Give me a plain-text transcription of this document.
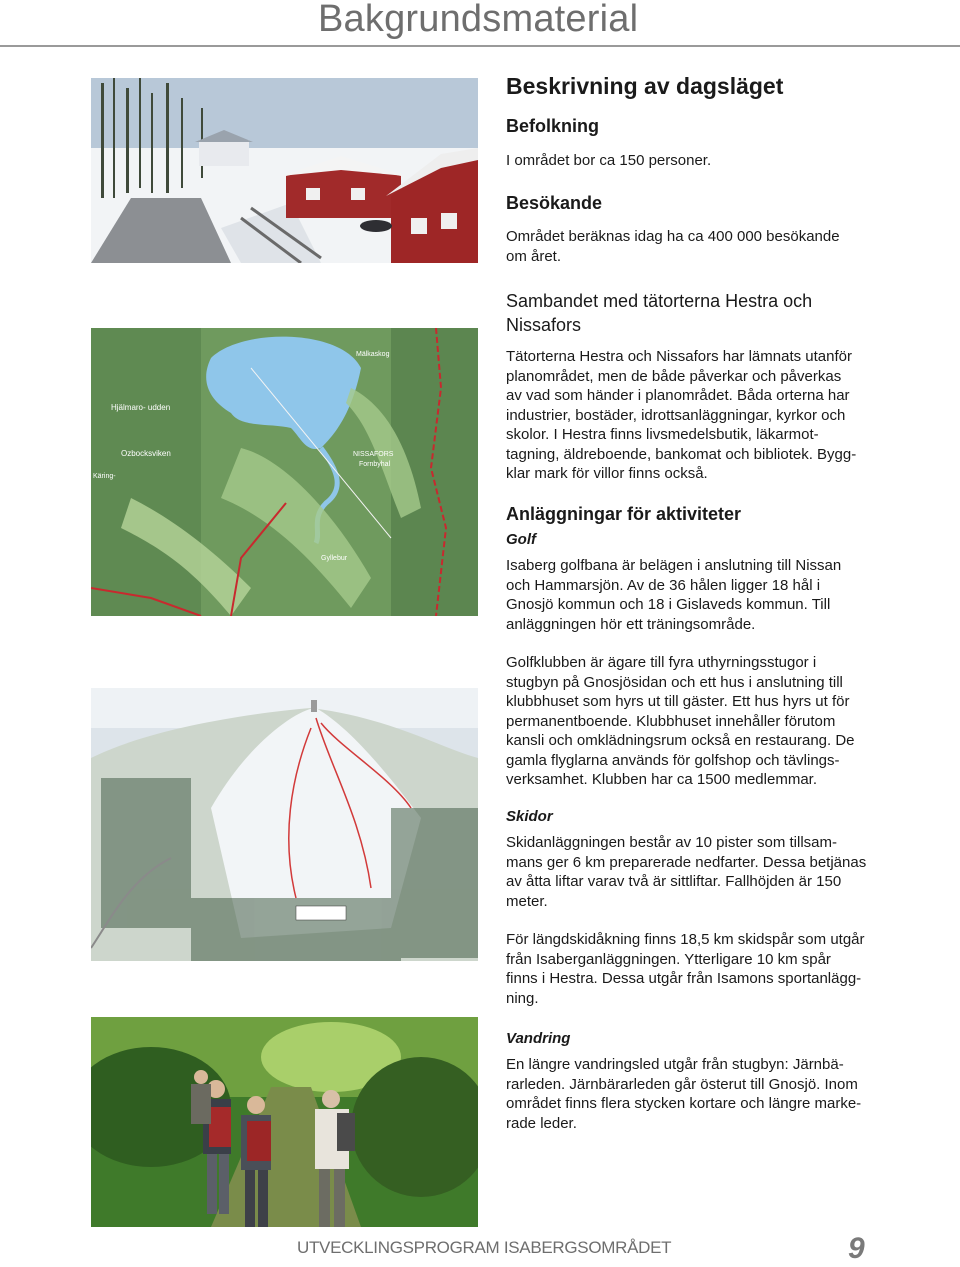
Bakgrundsmaterial
Hjälmaro- udden
Ozbocksviken
Mälkaskog
NISSAFORS
Fornbyhal
Käring-
Gyllebur
Beskrivning av dagsläget
Befolkning
I området bor ca 150 personer.
Besökande
Området beräknas idag ha ca 400 000 besökande
om året.
Sambandet med tätorterna Hestra och
Nissafors
Tätorterna Hestra och Nissafors har lämnats utanför
planområdet, men de både påverkar och påverkas
av vad som händer i planområdet. Båda orterna har
industrier, bostäder, idrottsanläggningar, kyrkor och
skolor. I Hestra finns livsmedelsbutik, läkarmot-
tagning, äldreboende, bankomat och bibliotek. Bygg-
klar mark för villor finns också.
Anläggningar för aktiviteter
Golf
Isaberg golfbana är belägen i anslutning till Nissan
och Hammarsjön. Av de 36 hålen ligger 18 hål i
Gnosjö kommun och 18 i Gislaveds kommun. Till
anläggningen hör ett träningsområde.
Golfklubben är ägare till fyra uthyrningsstugor i
stugbyn på Gnosjösidan och ett hus i anslutning till
klubbhuset som hyrs ut till gäster. Ett hus hyrs ut för
permanentboende. Klubbhuset innehåller förutom
kansli och omklädningsrum också en restaurang. De
gamla flyglarna används för golfshop och tävlings-
verksamhet. Klubben har ca 1500 medlemmar.
Skidor
Skidanläggningen består av 10 pister som tillsam-
mans ger 6 km preparerade nedfarter. Dessa betjänas
av åtta liftar varav två är sittliftar. Fallhöjden är 150
meter.
För längdskidåkning finns 18,5 km skidspår som utgår
från Isaberganläggningen. Ytterligare 10 km spår
finns i Hestra. Dessa utgår från Isamons sportanlägg-
ning.
Vandring
En längre vandringsled utgår från stugbyn: Järnbä-
rarleden. Järnbärarleden går österut till Gnosjö. Inom
området finns flera stycken kortare och längre marke-
rade leder.
UTVECKLINGSPROGRAM ISABERGSOMRÅDET	9
